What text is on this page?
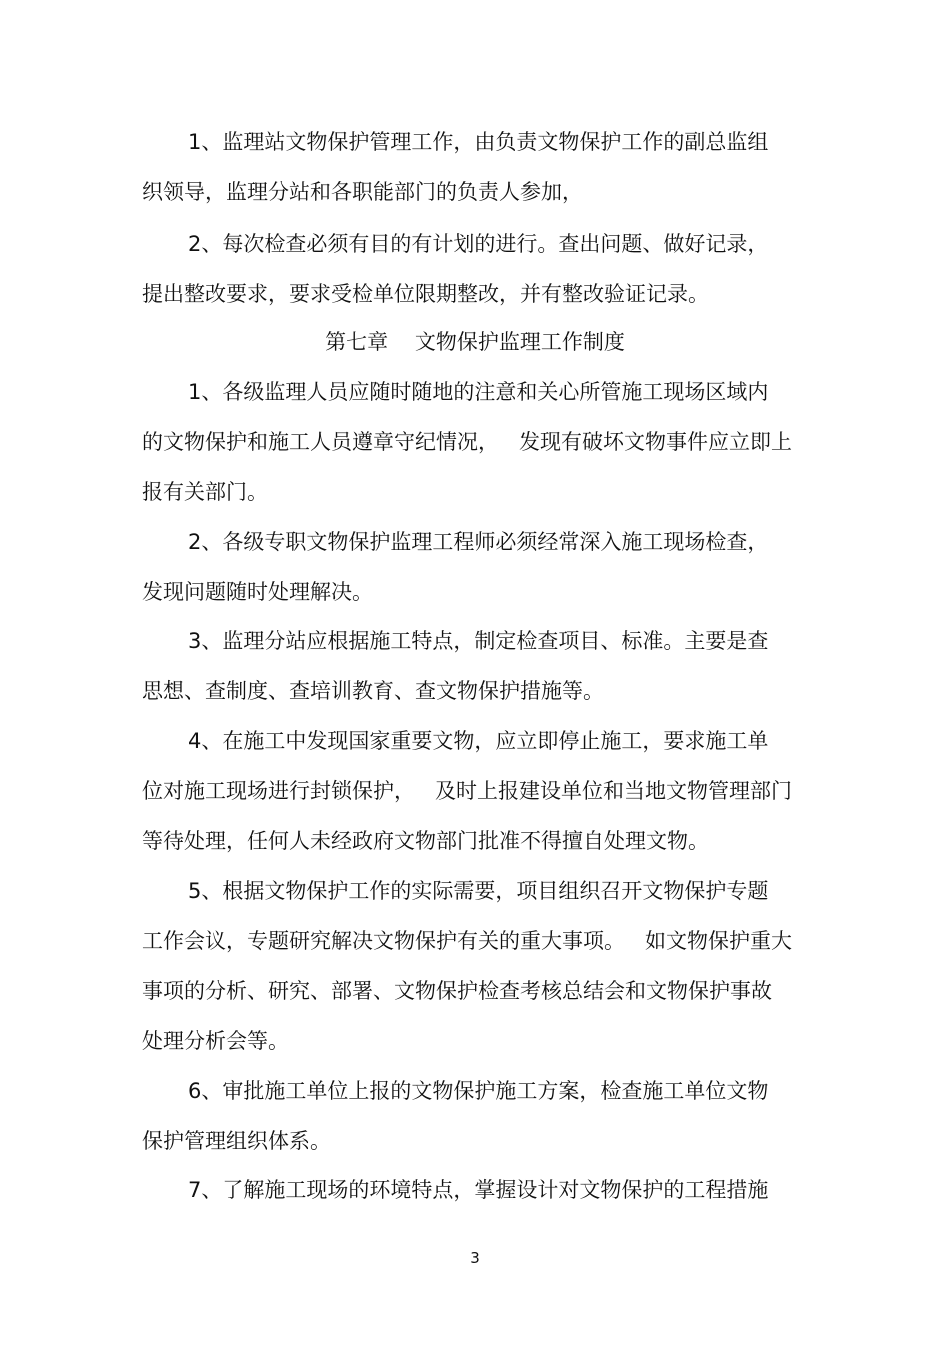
1、监理站文物保护管理工作，由负责文物保护工作的副总监组
织领导，监理分站和各职能部门的负责人参加，
2、每次检查必须有目的有计划的进行。查出问题、做好记录，
提出整改要求，要求受检单位限期整改，并有整改验证记录。
第七章    文物保护监理工作制度
1、各级监理人员应随时随地的注意和关心所管施工现场区域内
的文物保护和施工人员遵章守纪情况，   发现有破坏文物事件应立即上
报有关部门。
2、各级专职文物保护监理工程师必须经常深入施工现场检查，
发现问题随时处理解决。
3、监理分站应根据施工特点，制定检查项目、标准。主要是查
思想、查制度、查培训教育、查文物保护措施等。
4、在施工中发现国家重要文物，应立即停止施工，要求施工单
位对施工现场进行封锁保护，   及时上报建设单位和当地文物管理部门
等待处理，任何人未经政府文物部门批准不得擅自处理文物。
5、根据文物保护工作的实际需要，项目组织召开文物保护专题
工作会议，专题研究解决文物保护有关的重大事项。   如文物保护重大
事项的分析、研究、部署、文物保护检查考核总结会和文物保护事故
处理分析会等。
6、审批施工单位上报的文物保护施工方案，检查施工单位文物
保护管理组织体系。
7、了解施工现场的环境特点，掌握设计对文物保护的工程措施
3
